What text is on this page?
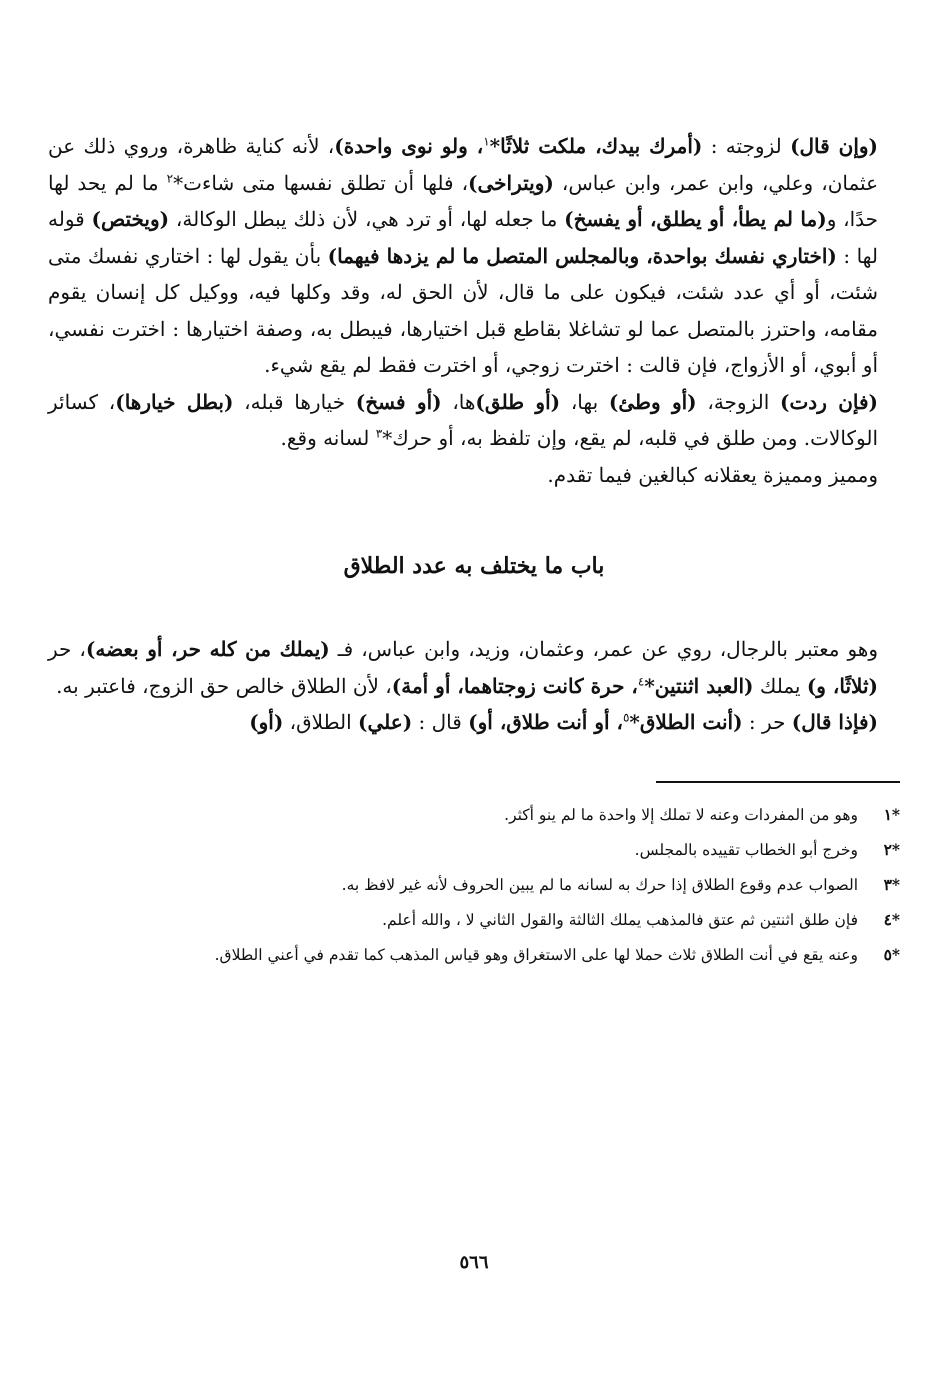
(وإن قال) لزوجته : (أمرك بيدك، ملكت ثلاثًا*$^١$، ولو نوى واحدة)، لأنه كناية ظاهرة، وروي ذلك عن عثمان، وعلي، وابن عمر، وابن عباس، (ويتراخى)، فلها أن تطلق نفسها متى شاءت*$^٢$ ما لم يحد لها حدًا، و(ما لم يطأ، أو يطلق، أو يفسخ) ما جعله لها، أو ترد هي، لأن ذلك يبطل الوكالة، (ويختص) قوله لها : (اختاري نفسك بواحدة، وبالمجلس المتصل ما لم يزدها فيهما) بأن يقول لها : اختاري نفسك متى شئت، أو أي عدد شئت، فيكون على ما قال، لأن الحق له، وقد وكلها فيه، ووكيل كل إنسان يقوم مقامه، واحترز بالمتصل عما لو تشاغلا بقاطع قبل اختيارها، فيبطل به، وصفة اختيارها : اخترت نفسي، أو أبوي، أو الأزواج، فإن قالت : اخترت زوجي، أو اخترت فقط لم يقع شيء.

(فإن ردت) الزوجة، (أو وطئ) بها، (أو طلق)ها، (أو فسخ) خيارها قبله، (بطل خيارها)، كسائر الوكالات. ومن طلق في قلبه، لم يقع، وإن تلفظ به، أو حرك*$^٣$ لسانه وقع.

ومميز ومميزة يعقلانه كبالغين فيما تقدم.

باب ما يختلف به عدد الطلاق

وهو معتبر بالرجال، روي عن عمر، وعثمان، وزيد، وابن عباس، فـ (يملك من كله حر، أو بعضه)، حر (ثلاثًا، و) يملك (العبد اثنتين*$^٤$، حرة كانت زوجتاهما، أو أمة)، لأن الطلاق خالص حق الزوج، فاعتبر به.

(فإذا قال) حر : (أنت الطلاق*$^٥$، أو أنت طلاق، أو) قال : (علي) الطلاق، (أو)

*١
وهو من المفردات وعنه لا تملك إلا واحدة ما لم ينو أكثر.
*٢
وخرج أبو الخطاب تقييده بالمجلس.
*٣
الصواب عدم وقوع الطلاق إذا حرك به لسانه ما لم يبين الحروف لأنه غير لافظ به.
*٤
فإن طلق اثنتين ثم عتق فالمذهب يملك الثالثة والقول الثاني لا ، والله أعلم.
*٥
وعنه يقع في أنت الطلاق ثلاث حملا لها على الاستغراق وهو قياس المذهب كما تقدم في أعني الطلاق.
٥٦٦
